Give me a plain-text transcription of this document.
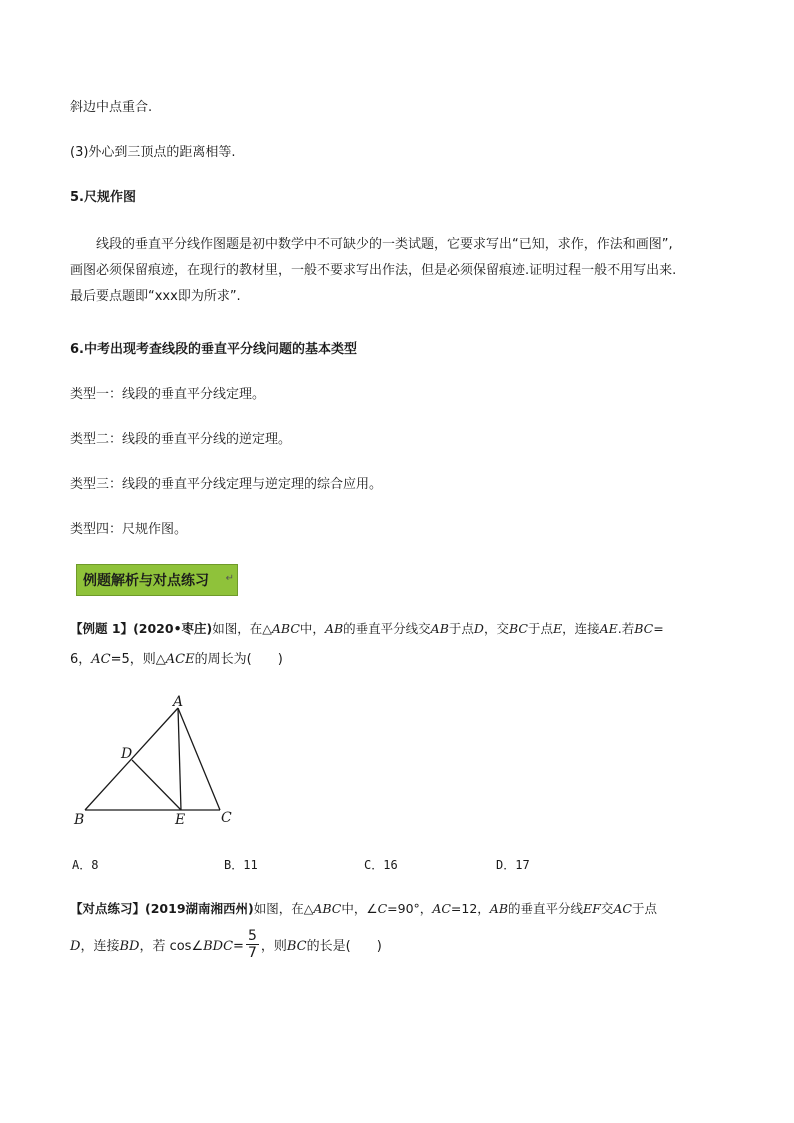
斜边中点重合.
(3)外心到三顶点的距离相等.
5.尺规作图
线段的垂直平分线作图题是初中数学中不可缺少的一类试题，它要求写出“已知，求作，作法和画图”,
画图必须保留痕迹，在现行的教材里，一般不要求写出作法，但是必须保留痕迹.证明过程一般不用写出来.
最后要点题即“xxx即为所求”.
6.中考出现考查线段的垂直平分线问题的基本类型
类型一：线段的垂直平分线定理。
类型二：线段的垂直平分线的逆定理。
类型三：线段的垂直平分线定理与逆定理的综合应用。
类型四：尺规作图。
例题解析与对点练习 ↵
【例题 1】(2020•枣庄)如图，在△ABC中，AB的垂直平分线交AB于点D，交BC于点E，连接AE.若BC=
6，AC=5，则△ACE的周长为(　　)
A
D
B	E	C
A．8	B．11	C．16	D．17
【对点练习】(2019湖南湘西州)如图，在△ABC中，∠C=90°，AC=12，AB的垂直平分线EF交AC于点
D，连接BD，若 cos∠BDC= $\frac{5}{7}$ ，则BC的长是(　　)
